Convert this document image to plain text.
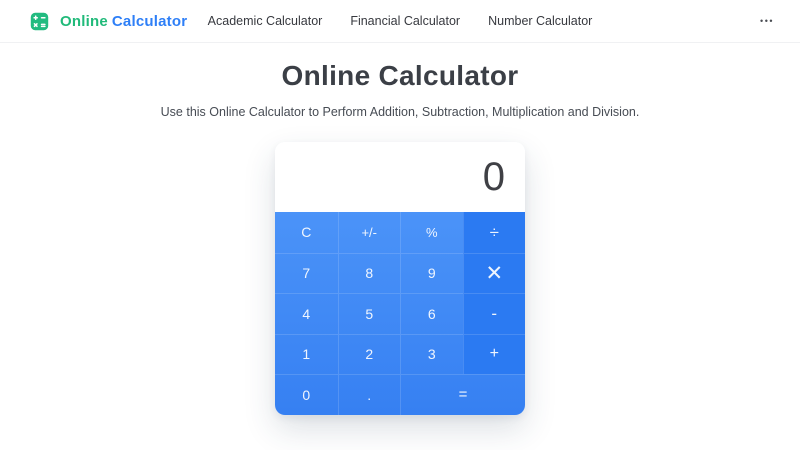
Online Calculator Academic Calculator Financial Calculator Number Calculator	•••
Online Calculator

Use this Online Calculator to Perform Addition, Subtraction, Multiplication and Division.

0
C	+/-	%	÷
7	8	9	✕
4	5	6	-
1	2	3	+
0	.	=
